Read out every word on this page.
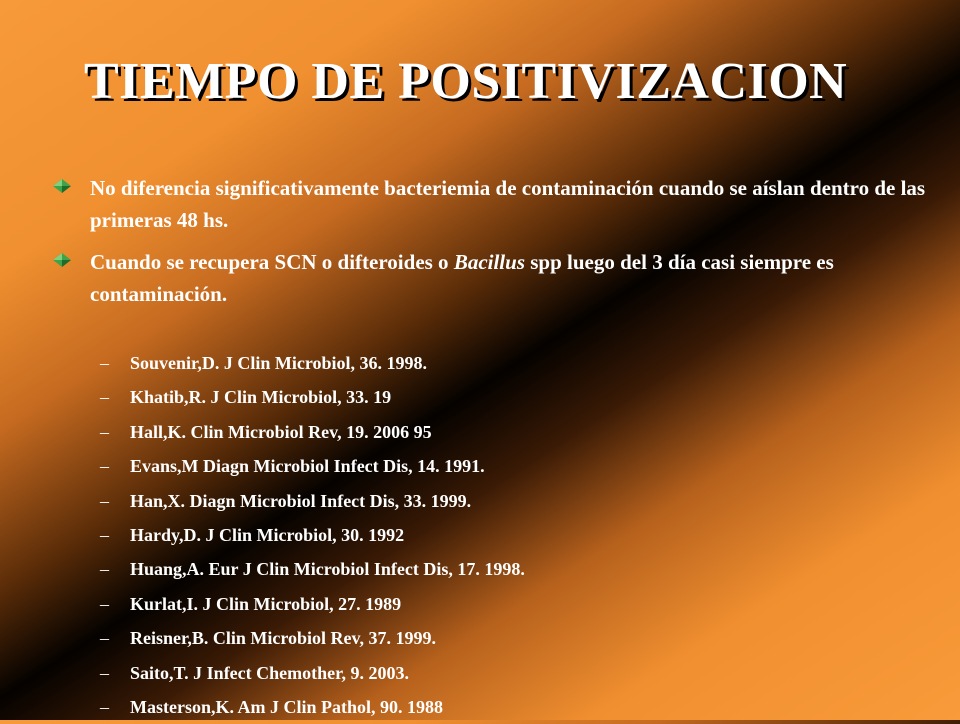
TIEMPO DE POSITIVIZACION
No diferencia significativamente bacteriemia de contaminación cuando se aíslan dentro de las primeras 48 hs.
Cuando se recupera SCN o difteroides o Bacillus spp luego del 3 día casi siempre es contaminación.
– Souvenir,D. J Clin Microbiol, 36. 1998.
– Khatib,R. J Clin Microbiol, 33. 19
– Hall,K. Clin Microbiol Rev, 19. 2006 95
– Evans,M Diagn Microbiol Infect Dis, 14. 1991.
– Han,X. Diagn Microbiol Infect Dis, 33. 1999.
– Hardy,D. J Clin Microbiol, 30. 1992
– Huang,A. Eur J Clin Microbiol Infect Dis, 17. 1998.
– Kurlat,I. J Clin Microbiol, 27. 1989
– Reisner,B. Clin Microbiol Rev, 37. 1999.
– Saito,T. J Infect Chemother, 9. 2003.
– Masterson,K. Am J Clin Pathol, 90. 1988
